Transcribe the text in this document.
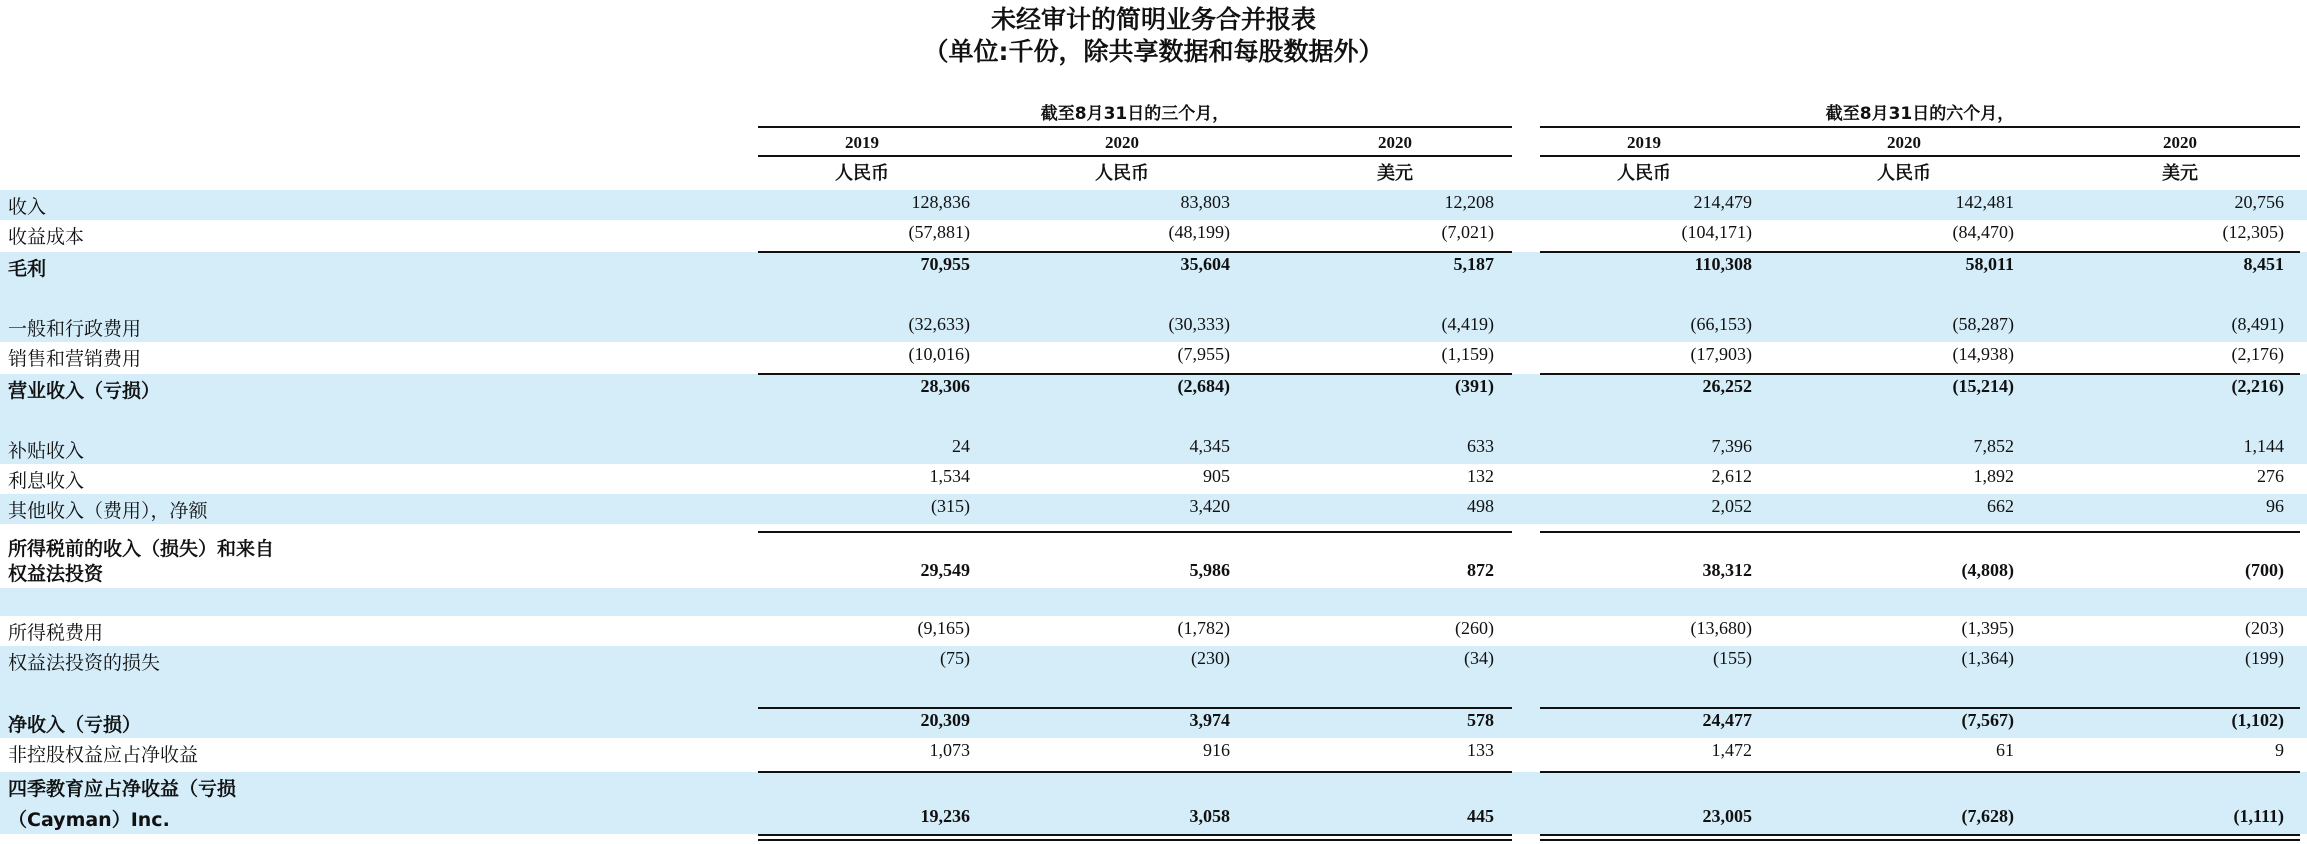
未经审计的简明业务合并报表
（单位:千份，除共享数据和每股数据外）
截至8月31日的三个月，	截至8月31日的六个月，
2019	2020	2020	2019	2020	2020
人民币	人民币	美元	人民币	人民币	美元
收入	128,836	83,803	12,208	214,479	142,481	20,756
收益成本	(57,881)	(48,199)	(7,021)	(104,171)	(84,470)	(12,305)
毛利	70,955	35,604	5,187	110,308	58,011	8,451
一般和行政费用	(32,633)	(30,333)	(4,419)	(66,153)	(58,287)	(8,491)
销售和营销费用	(10,016)	(7,955)	(1,159)	(17,903)	(14,938)	(2,176)
营业收入（亏损）	28,306	(2,684)	(391)	26,252	(15,214)	(2,216)
补贴收入	24	4,345	633	7,396	7,852	1,144
利息收入	1,534	905	132	2,612	1,892	276
其他收入（费用），净额	(315)	3,420	498	2,052	662	96
所得税前的收入（损失）和来自
权益法投资	29,549	5,986	872	38,312	(4,808)	(700)
所得税费用	(9,165)	(1,782)	(260)	(13,680)	(1,395)	(203)
权益法投资的损失	(75)	(230)	(34)	(155)	(1,364)	(199)
净收入（亏损）	20,309	3,974	578	24,477	(7,567)	(1,102)
非控股权益应占净收益	1,073	916	133	1,472	61	9
四季教育应占净收益（亏损
（Cayman）Inc.	19,236	3,058	445	23,005	(7,628)	(1,111)
